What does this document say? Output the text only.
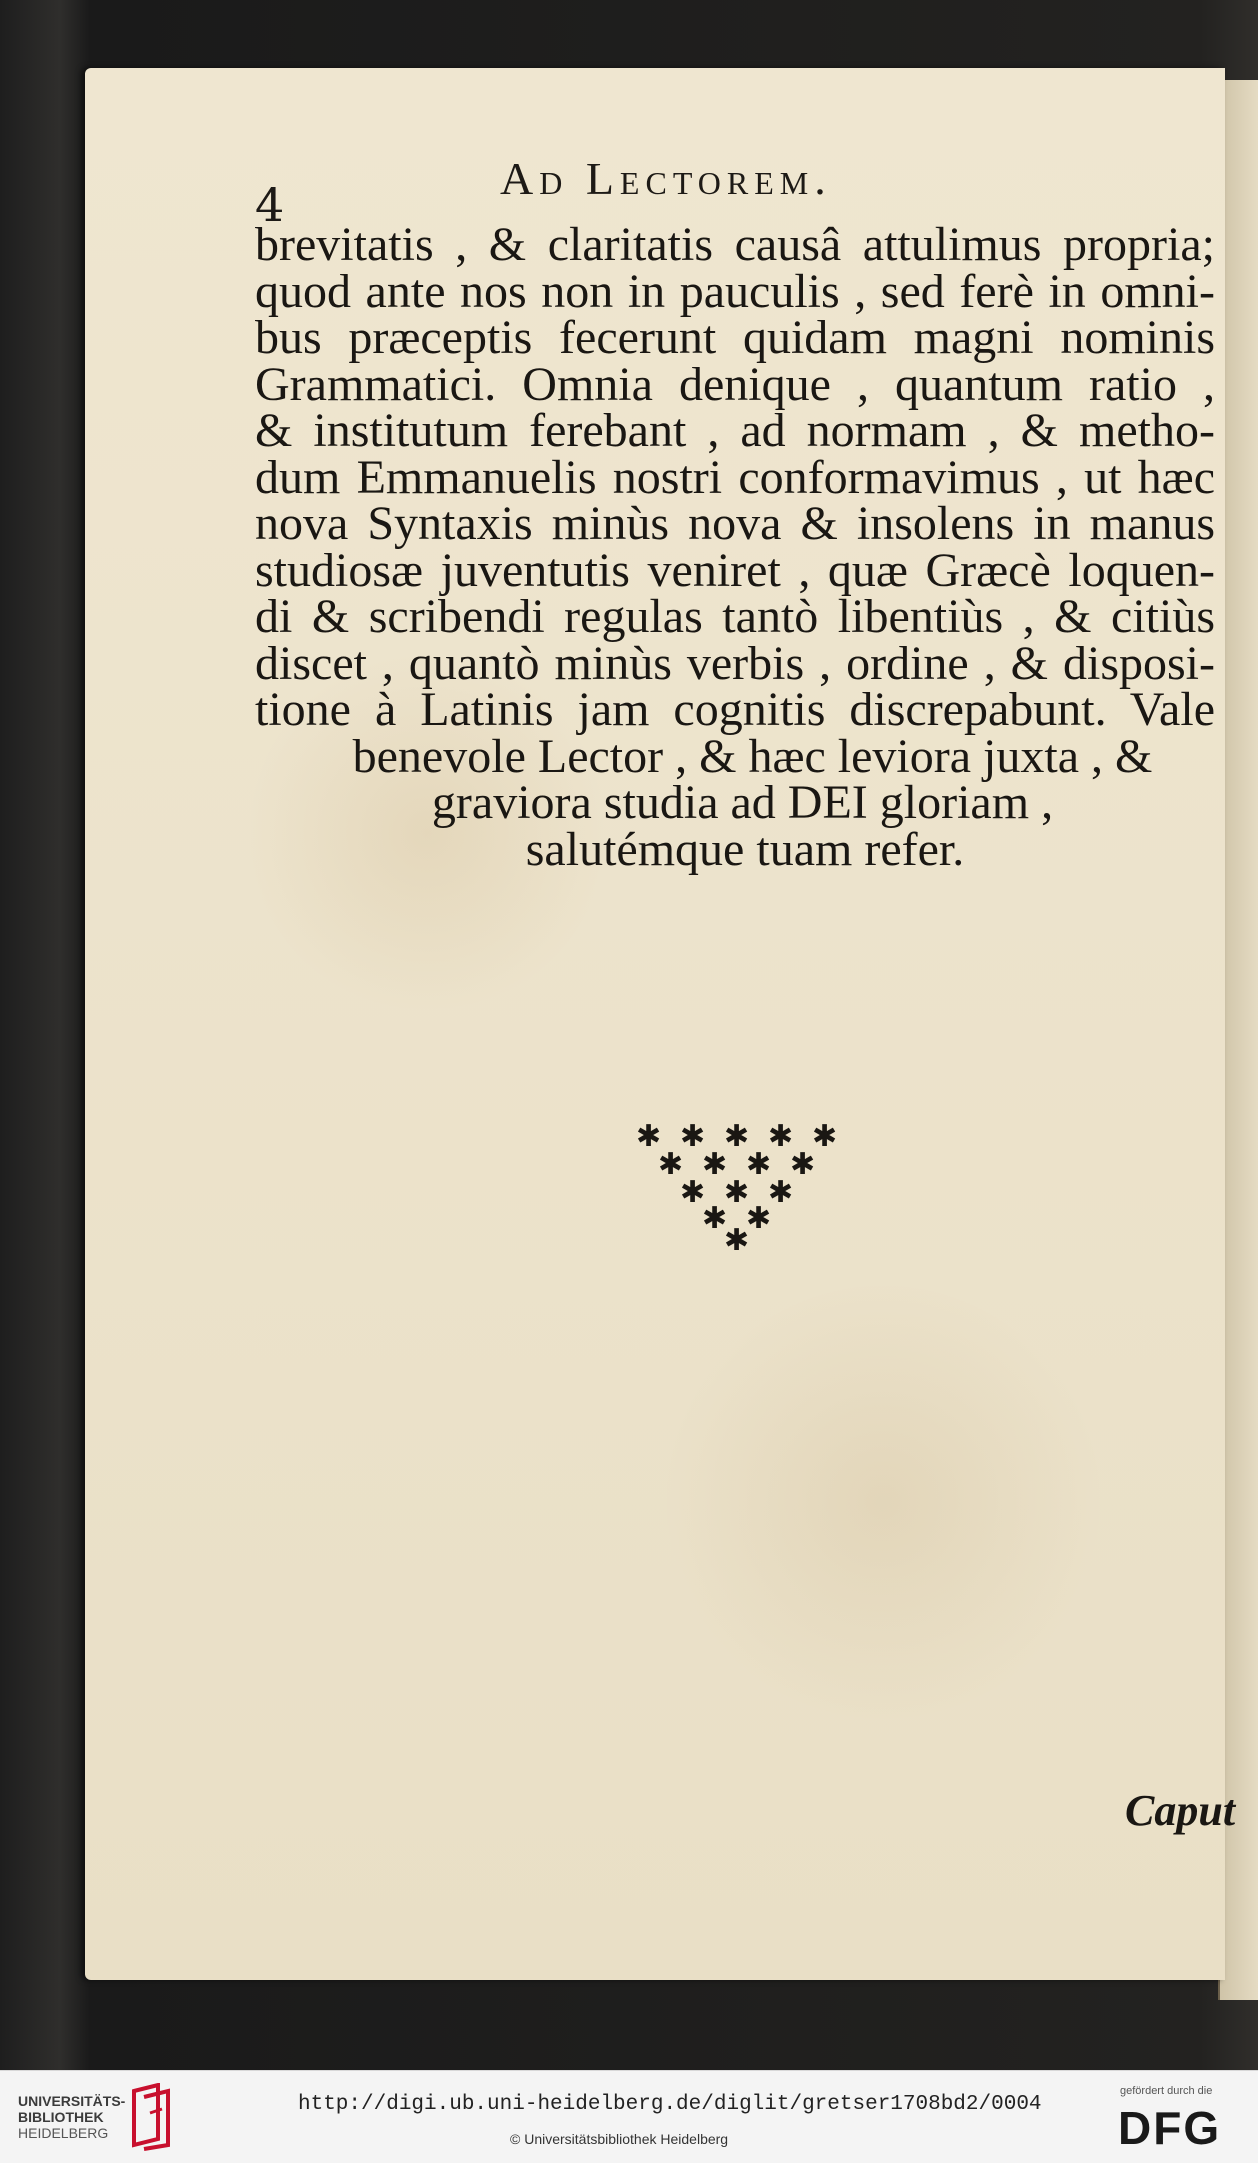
4	Ad Lectorem.
brevitatis , & claritatis causâ attulimus propria;
quod ante nos non in pauculis , sed ferè in omni-
bus præceptis fecerunt quidam magni nominis
Grammatici. Omnia denique , quantum ratio ,
& institutum ferebant , ad normam , & metho-
dum Emmanuelis nostri conformavimus , ut hæc
nova Syntaxis minùs nova & insolens in manus
studiosæ juventutis veniret , quæ Græcè loquen-
di & scribendi regulas tantò libentiùs , & citiùs
discet , quantò minùs verbis , ordine , & disposi-
tione à Latinis jam cognitis discrepabunt. Vale
benevole Lector , & hæc leviora juxta , &
graviora studia ad DEI gloriam ,
salutémque tuam refer.
✱ ✱ ✱ ✱ ✱
✱ ✱ ✱ ✱
✱ ✱ ✱
✱ ✱
✱
Caput
UNIVERSITÄTS-
BIBLIOTHEK
HEIDELBERG
http://digi.ub.uni-heidelberg.de/diglit/gretser1708bd2/0004
© Universitätsbibliothek Heidelberg
gefördert durch die
DFG
